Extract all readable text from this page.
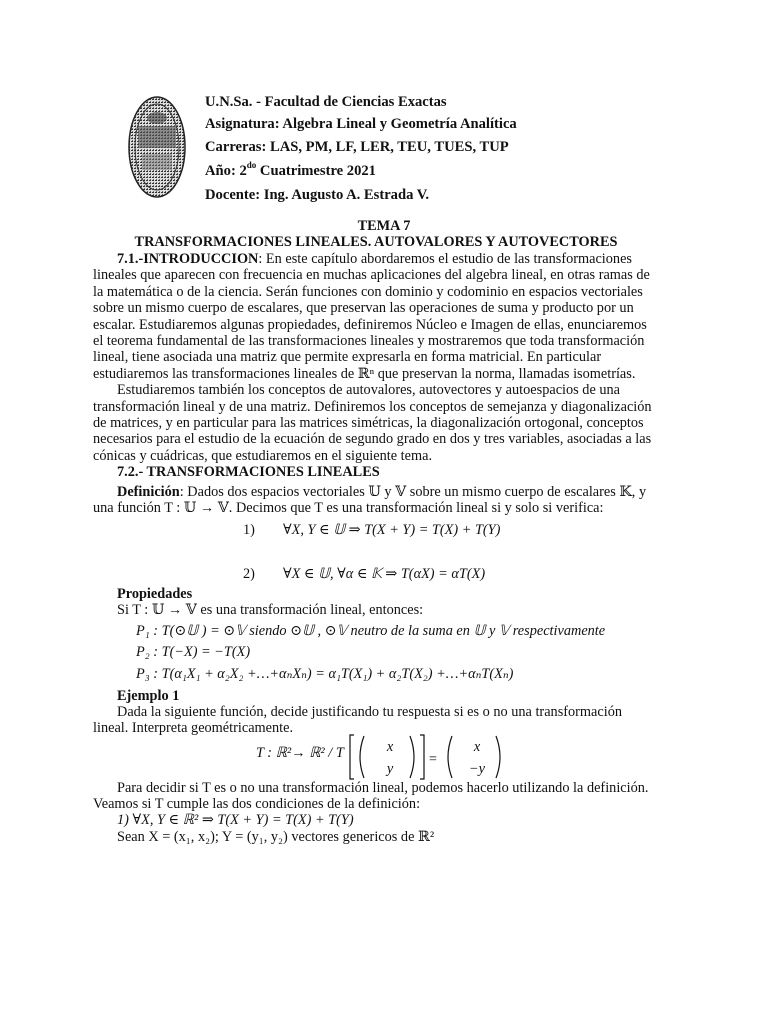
U.N.Sa. - Facultad de Ciencias Exactas
Asignatura: Algebra Lineal y Geometría Analítica
Carreras: LAS, PM, LF, LER, TEU, TUES, TUP
Año: $2^{do}$ Cuatrimestre 2021
Docente: Ing. Augusto A. Estrada V.
TEMA 7
TRANSFORMACIONES LINEALES. AUTOVALORES Y AUTOVECTORES
7.1.-INTRODUCCION: En este capítulo abordaremos el estudio de las transformaciones
lineales que aparecen con frecuencia en muchas aplicaciones del algebra lineal, en otras ramas de
la matemática o de la ciencia. Serán funciones con dominio y codominio en espacios vectoriales
sobre un mismo cuerpo de escalares, que preservan las operaciones de suma y producto por un
escalar. Estudiaremos algunas propiedades, definiremos Núcleo e Imagen de ellas, enunciaremos
el teorema fundamental de las transformaciones lineales y mostraremos que toda transformación
lineal, tiene asociada una matriz que permite expresarla en forma matricial. En particular
estudiaremos las transformaciones lineales de ℝⁿ que preservan la norma, llamadas isometrías.
Estudiaremos también los conceptos de autovalores, autovectores y autoespacios de una
transformación lineal y de una matriz. Definiremos los conceptos de semejanza y diagonalización
de matrices, y en particular para las matrices simétricas, la diagonalización ortogonal, conceptos
necesarios para el estudio de la ecuación de segundo grado en dos y tres variables, asociadas a las
cónicas y cuádricas, que estudiaremos en el siguiente tema.
7.2.- TRANSFORMACIONES LINEALES
Definición: Dados dos espacios vectoriales 𝕌 y 𝕍 sobre un mismo cuerpo de escalares 𝕂, y
una función T : 𝕌 → 𝕍. Decimos que T es una transformación lineal si y solo si verifica:
1) ∀X, Y ∈ 𝕌 ⇒ T(X + Y) = T(X) + T(Y)
2) ∀X ∈ 𝕌, ∀α ∈ 𝕂 ⇒ T(αX) = αT(X)
Propiedades
Si T : 𝕌 → 𝕍 es una transformación lineal, entonces:
P₁ : T(⊙𝕌 ) = ⊙𝕍 siendo ⊙𝕌 , ⊙𝕍 neutro de la suma en 𝕌 y 𝕍 respectivamente
P₂ : T(−X) = −T(X)
P₃ : T(α₁X₁ + α₂X₂ +…+αₙXₙ) = α₁T(X₁) + α₂T(X₂) +…+αₙT(Xₙ)
Ejemplo 1
Dada la siguiente función, decide justificando tu respuesta si es o no una transformación
lineal. Interpreta geométricamente.
T : ℝ²→ ℝ² / T	=
x
y
x
−y
Para decidir si T es o no una transformación lineal, podemos hacerlo utilizando la definición.
Veamos si T cumple las dos condiciones de la definición:
1) ∀X, Y ∈ ℝ² ⇒ T(X + Y) = T(X) + T(Y)
Sean X = (x₁, x₂); Y = (y₁, y₂) vectores genericos de ℝ²
